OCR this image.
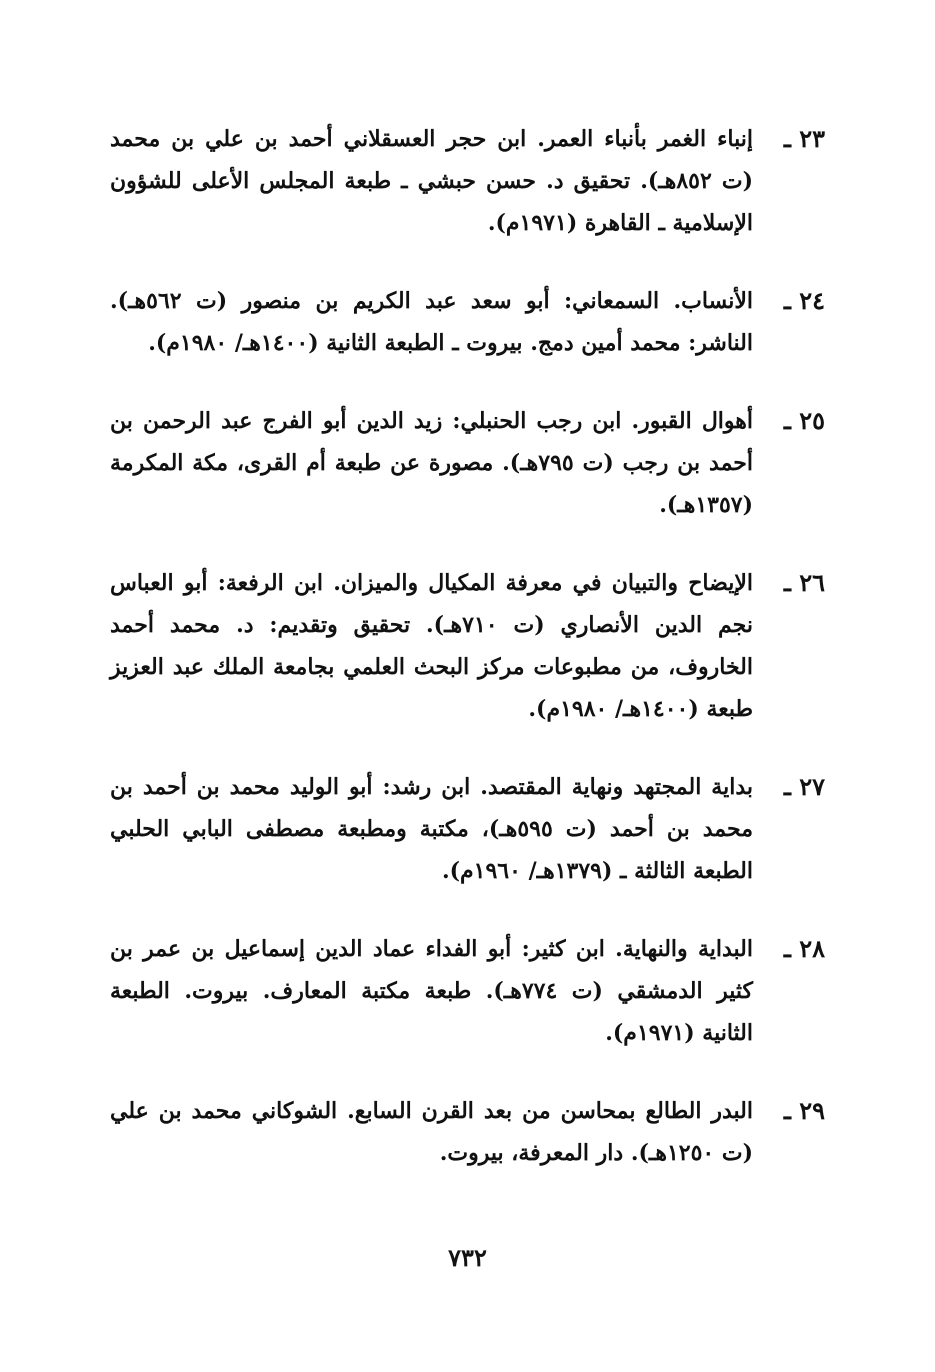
٢٣ ـ
إنباء الغمر بأنباء العمر. ابن حجر العسقلاني أحمد بن علي بن محمد (ت ٨٥٢هـ). تحقيق د. حسن حبشي ـ طبعة المجلس الأعلى للشؤون الإسلامية ـ القاهرة (١٩٧١م).
٢٤ ـ
الأنساب. السمعاني: أبو سعد عبد الكريم بن منصور (ت ٥٦٢هـ). الناشر: محمد أمين دمج. بيروت ـ الطبعة الثانية (١٤٠٠هـ/ ١٩٨٠م).
٢٥ ـ
أهوال القبور. ابن رجب الحنبلي: زيد الدين أبو الفرج عبد الرحمن بن أحمد بن رجب (ت ٧٩٥هـ). مصورة عن طبعة أم القرى، مكة المكرمة (١٣٥٧هـ).
٢٦ ـ
الإيضاح والتبيان في معرفة المكيال والميزان. ابن الرفعة: أبو العباس نجم الدين الأنصاري (ت ٧١٠هـ). تحقيق وتقديم: د. محمد أحمد الخاروف، من مطبوعات مركز البحث العلمي بجامعة الملك عبد العزيز طبعة (١٤٠٠هـ/ ١٩٨٠م).
٢٧ ـ
بداية المجتهد ونهاية المقتصد. ابن رشد: أبو الوليد محمد بن أحمد بن محمد بن أحمد (ت ٥٩٥هـ)، مكتبة ومطبعة مصطفى البابي الحلبي الطبعة الثالثة ـ (١٣٧٩هـ/ ١٩٦٠م).
٢٨ ـ
البداية والنهاية. ابن كثير: أبو الفداء عماد الدين إسماعيل بن عمر بن كثير الدمشقي (ت ٧٧٤هـ). طبعة مكتبة المعارف. بيروت. الطبعة الثانية (١٩٧١م).
٢٩ ـ
البدر الطالع بمحاسن من بعد القرن السابع. الشوكاني محمد بن علي (ت ١٢٥٠هـ). دار المعرفة، بيروت.
٧٣٢
